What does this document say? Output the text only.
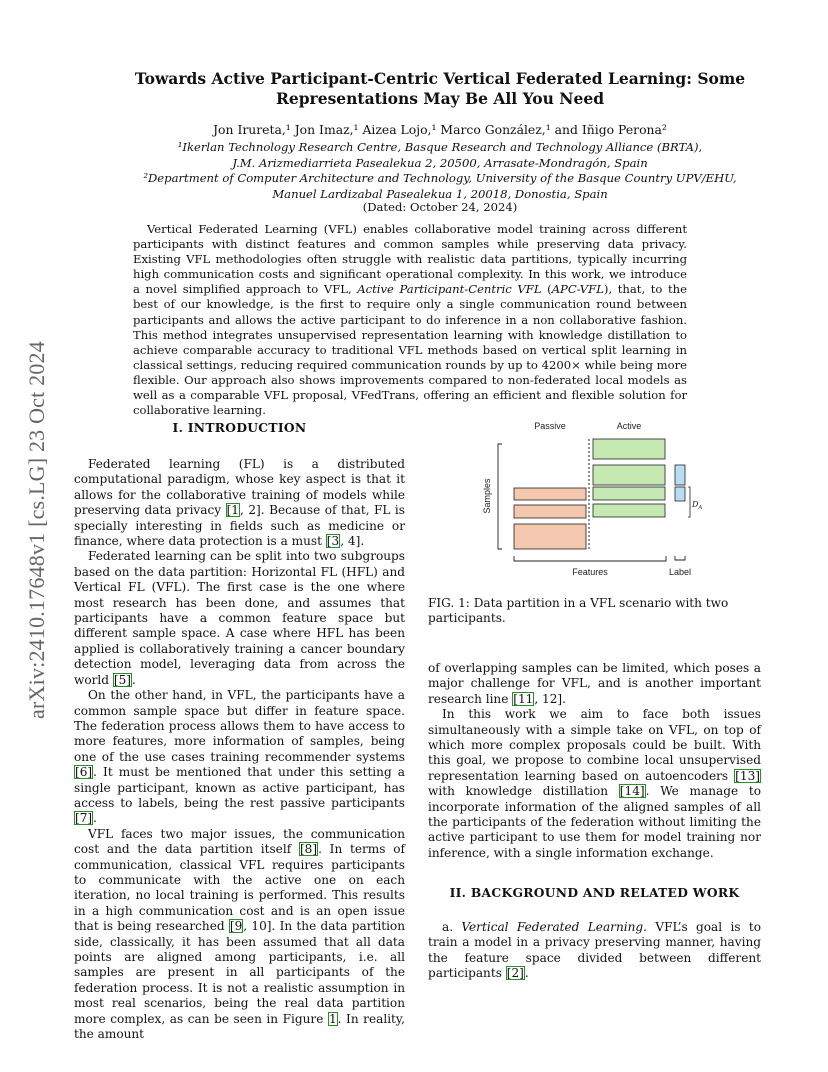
arXiv:2410.17648v1 [cs.LG] 23 Oct 2024
Towards Active Participant-Centric Vertical Federated Learning: Some
Representations May Be All You Need
Jon Irureta,¹ Jon Imaz,¹ Aizea Lojo,¹ Marco González,¹ and Iñigo Perona²
¹Ikerlan Technology Research Centre, Basque Research and Technology Alliance (BRTA),
J.M. Arizmediarrieta Pasealekua 2, 20500, Arrasate-Mondragón, Spain
²Department of Computer Architecture and Technology, University of the Basque Country UPV/EHU,
Manuel Lardizabal Pasealekua 1, 20018, Donostia, Spain
(Dated: October 24, 2024)
Vertical Federated Learning (VFL) enables collaborative model training across different participants with distinct features and common samples while preserving data privacy. Existing VFL methodologies often struggle with realistic data partitions, typically incurring high communication costs and significant operational complexity. In this work, we introduce a novel simplified approach to VFL, Active Participant-Centric VFL (APC-VFL), that, to the best of our knowledge, is the first to require only a single communication round between participants and allows the active participant to do inference in a non collaborative fashion. This method integrates unsupervised representation learning with knowledge distillation to achieve comparable accuracy to traditional VFL methods based on vertical split learning in classical settings, reducing required communication rounds by up to 4200× while being more flexible. Our approach also shows improvements compared to non-federated local models as well as a comparable VFL proposal, VFedTrans, offering an efficient and flexible solution for collaborative learning.
I. INTRODUCTION

Federated learning (FL) is a distributed computational paradigm, whose key aspect is that it allows for the collaborative training of models while preserving data privacy [1, 2]. Because of that, FL is specially interesting in fields such as medicine or finance, where data protection is a must [3, 4].

Federated learning can be split into two subgroups based on the data partition: Horizontal FL (HFL) and Vertical FL (VFL). The first case is the one where most research has been done, and assumes that participants have a common feature space but different sample space. A case where HFL has been applied is collaboratively training a cancer boundary detection model, leveraging data from across the world [5].

On the other hand, in VFL, the participants have a common sample space but differ in feature space. The federation process allows them to have access to more features, more information of samples, being one of the use cases training recommender systems [6]. It must be mentioned that under this setting a single participant, known as active participant, has access to labels, being the rest passive participants [7].

VFL faces two major issues, the communication cost and the data partition itself [8]. In terms of communication, classical VFL requires participants to communicate with the active one on each iteration, no local training is performed. This results in a high communication cost and is an open issue that is being researched [9, 10]. In the data partition side, classically, it has been assumed that all data points are aligned among participants, i.e. all samples are present in all participants of the federation process. It is not a realistic assumption in most real scenarios, being the real data partition more complex, as can be seen in Figure 1. In reality, the amount

Passive	Active
$D_A$
Samples
Features	Label
FIG. 1: Data partition in a VFL scenario with two participants.

of overlapping samples can be limited, which poses a major challenge for VFL, and is another important research line [11, 12].

In this work we aim to face both issues simultaneously with a simple take on VFL, on top of which more complex proposals could be built. With this goal, we propose to combine local unsupervised representation learning based on autoencoders [13] with knowledge distillation [14]. We manage to incorporate information of the aligned samples of all the participants of the federation without limiting the active participant to use them for model training nor inference, with a single information exchange.

II. BACKGROUND AND RELATED WORK

a. Vertical Federated Learning. VFL’s goal is to train a model in a privacy preserving manner, having the feature space divided between different participants [2].
